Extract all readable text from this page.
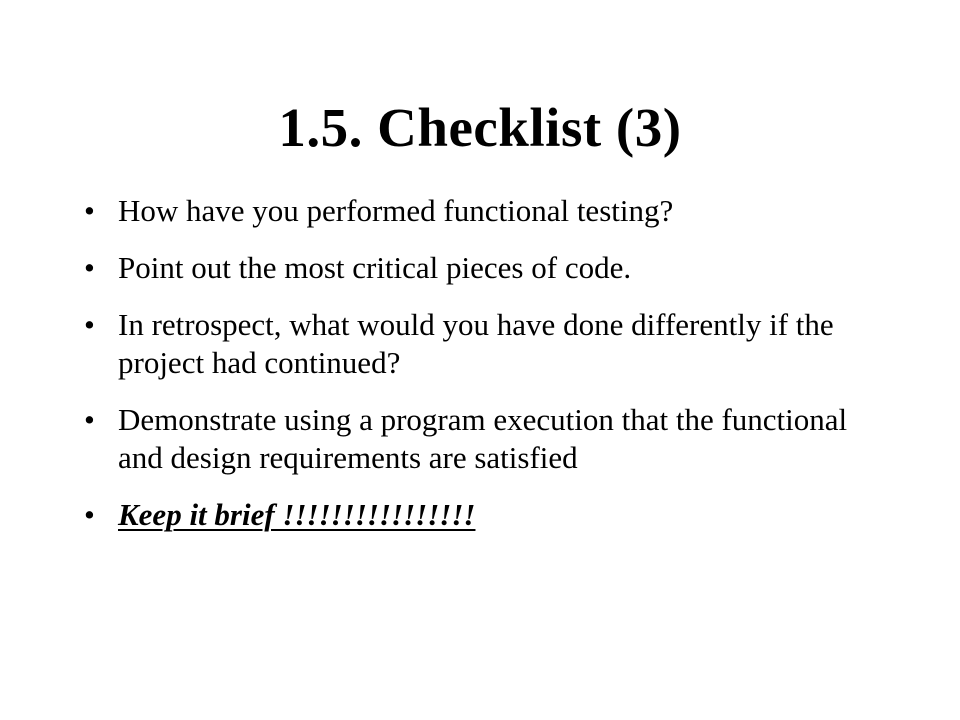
1.5. Checklist (3)
• How have you performed functional testing?
• Point out the most critical pieces of code.
• In retrospect, what would you have done differently if the project had continued?
• Demonstrate using a program execution that the functional and design requirements are satisfied
• Keep it brief !!!!!!!!!!!!!!!!
